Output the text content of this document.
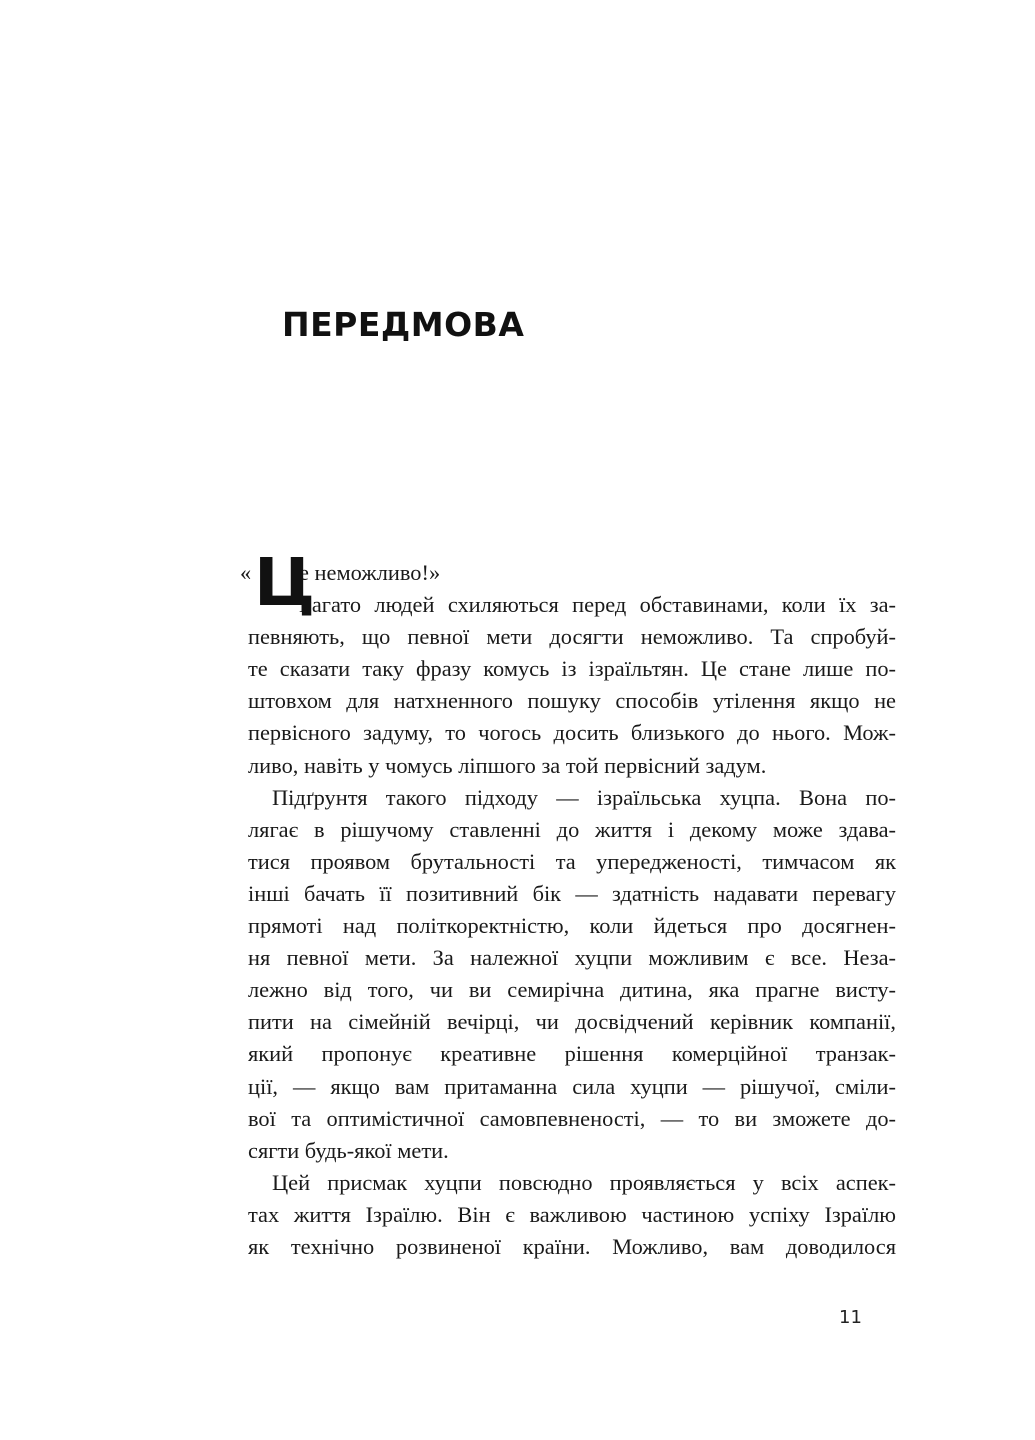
ПЕРЕДМОВА
« Ц
е неможливо!»
Багато людей схиляються перед обставинами, коли їх за-
певняють, що певної мети досягти неможливо. Та спробуй-
те сказати таку фразу комусь із ізраїльтян. Це стане лише по-
штовхом для натхненного пошуку способів утілення якщо не
первісного задуму, то чогось досить близького до нього. Мож-
ливо, навіть у чомусь ліпшого за той первісний задум.
Підґрунтя такого підходу — ізраїльська хуцпа. Вона по-
лягає в рішучому ставленні до життя і декому може здава-
тися проявом брутальності та упередженості, тимчасом як
інші бачать її позитивний бік — здатність надавати перевагу
прямоті над політкоректністю, коли йдеться про досягнен-
ня певної мети. За належної хуцпи можливим є все. Неза-
лежно від того, чи ви семирічна дитина, яка прагне висту-
пити на сімейній вечірці, чи досвідчений керівник компанії,
який пропонує креативне рішення комерційної транзак-
ції, — якщо вам притаманна сила хуцпи — рішучої, сміли-
вої та оптимістичної самовпевненості, — то ви зможете до-
сягти будь-якої мети.
Цей присмак хуцпи повсюдно проявляється у всіх аспек-
тах життя Ізраїлю. Він є важливою частиною успіху Ізраїлю
як технічно розвиненої країни. Можливо, вам доводилося
11
